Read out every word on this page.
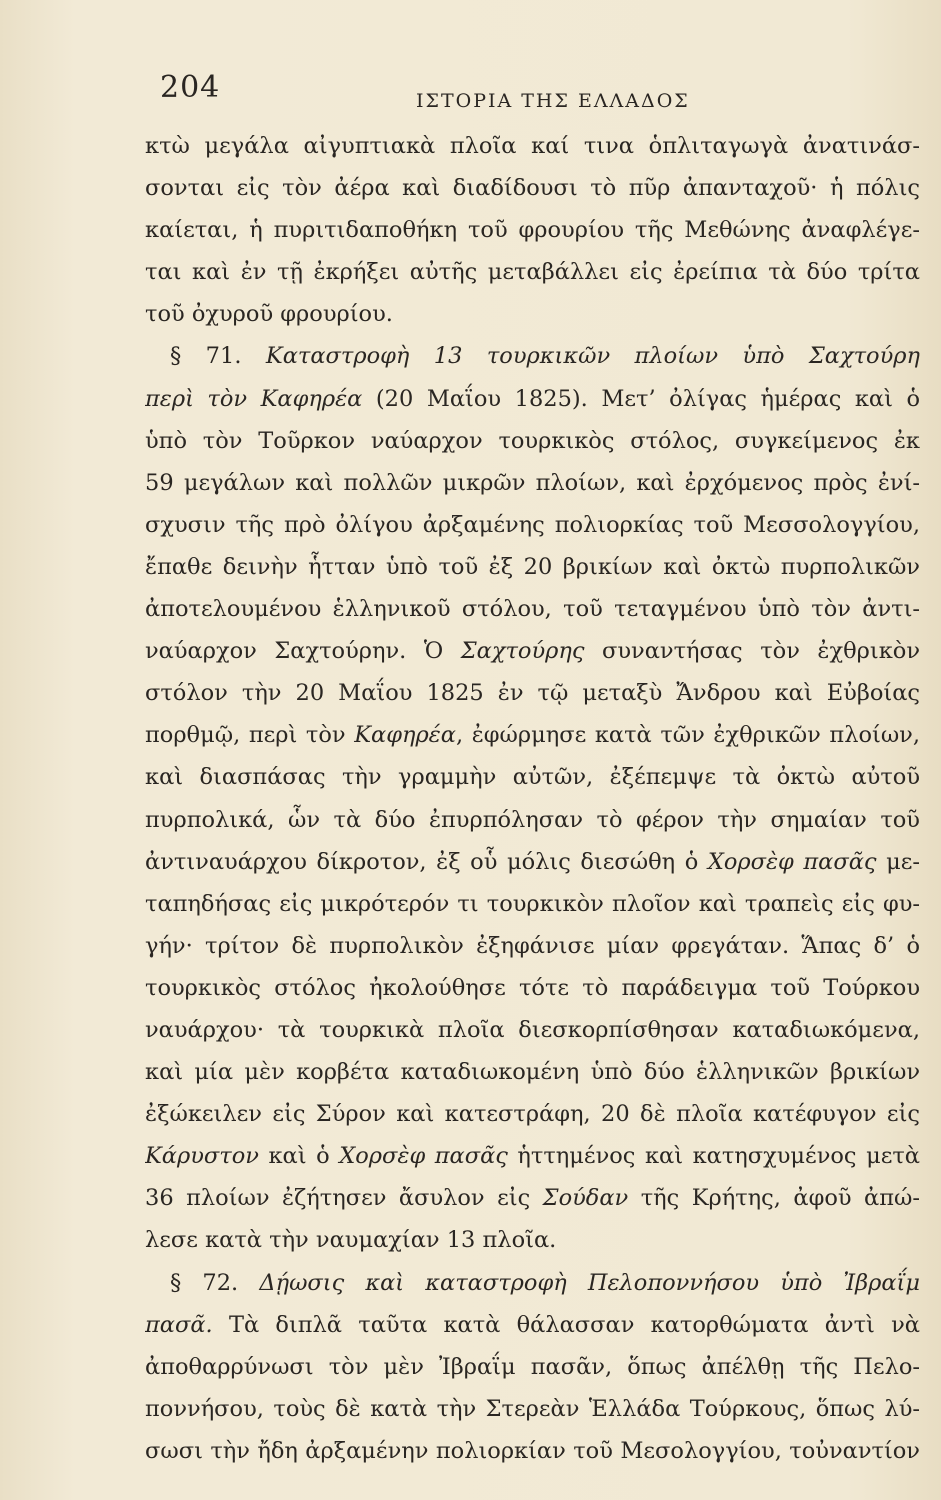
204	ΙΣΤΟΡΙΑ ΤΗΣ ΕΛΛΑΔΟΣ
κτὼ μεγάλα αἰγυπτιακὰ πλοῖα καί τινα ὁπλιταγωγὰ ἀνατινάσ-
σονται εἰς τὸν ἀέρα καὶ διαδίδουσι τὸ πῦρ ἀπανταχοῦ· ἡ πόλις
καίεται, ἡ πυριτιδαποθήκη τοῦ φρουρίου τῆς Μεθώνης ἀναφλέγε-
ται καὶ ἐν τῇ ἐκρήξει αὐτῆς μεταβάλλει εἰς ἐρείπια τὰ δύο τρίτα
τοῦ ὀχυροῦ φρουρίου.
§ 71. Καταστροφὴ 13 τουρκικῶν πλοίων ὑπὸ Σαχτούρη
περὶ τὸν Καφηρέα (20 Μαΐου 1825). Μετ’ ὀλίγας ἡμέρας καὶ ὁ
ὑπὸ τὸν Τοῦρκον ναύαρχον τουρκικὸς στόλος, συγκείμενος ἐκ
59 μεγάλων καὶ πολλῶν μικρῶν πλοίων, καὶ ἐρχόμενος πρὸς ἐνί-
σχυσιν τῆς πρὸ ὀλίγου ἀρξαμένης πολιορκίας τοῦ Μεσσολογγίου,
ἔπαθε δεινὴν ἧτταν ὑπὸ τοῦ ἐξ 20 βρικίων καὶ ὀκτὼ πυρπολικῶν
ἀποτελουμένου ἑλληνικοῦ στόλου, τοῦ τεταγμένου ὑπὸ τὸν ἀντι-
ναύαρχον Σαχτούρην. Ὁ Σαχτούρης συναντήσας τὸν ἐχθρικὸν
στόλον τὴν 20 Μαΐου 1825 ἐν τῷ μεταξὺ Ἄνδρου καὶ Εὐβοίας
πορθμῷ, περὶ τὸν Καφηρέα, ἐφώρμησε κατὰ τῶν ἐχθρικῶν πλοίων,
καὶ διασπάσας τὴν γραμμὴν αὐτῶν, ἐξέπεμψε τὰ ὀκτὼ αὐτοῦ
πυρπολικά, ὧν τὰ δύο ἐπυρπόλησαν τὸ φέρον τὴν σημαίαν τοῦ
ἀντιναυάρχου δίκροτον, ἐξ οὗ μόλις διεσώθη ὁ Χορσὲφ πασᾶς με-
ταπηδήσας εἰς μικρότερόν τι τουρκικὸν πλοῖον καὶ τραπεὶς εἰς φυ-
γήν· τρίτον δὲ πυρπολικὸν ἐξηφάνισε μίαν φρεγάταν. Ἅπας δ’ ὁ
τουρκικὸς στόλος ἠκολούθησε τότε τὸ παράδειγμα τοῦ Τούρκου
ναυάρχου· τὰ τουρκικὰ πλοῖα διεσκορπίσθησαν καταδιωκόμενα,
καὶ μία μὲν κορβέτα καταδιωκομένη ὑπὸ δύο ἑλληνικῶν βρικίων
ἐξώκειλεν εἰς Σύρον καὶ κατεστράφη, 20 δὲ πλοῖα κατέφυγον εἰς
Κάρυστον καὶ ὁ Χορσὲφ πασᾶς ἡττημένος καὶ κατησχυμένος μετὰ
36 πλοίων ἐζήτησεν ἄσυλον εἰς Σούδαν τῆς Κρήτης, ἀφοῦ ἀπώ-
λεσε κατὰ τὴν ναυμαχίαν 13 πλοῖα.
§ 72. Δῄωσις καὶ καταστροφὴ Πελοποννήσου ὑπὸ Ἰβραΐμ
πασᾶ. Τὰ διπλᾶ ταῦτα κατὰ θάλασσαν κατορθώματα ἀντὶ νὰ
ἀποθαρρύνωσι τὸν μὲν Ἰβραΐμ πασᾶν, ὅπως ἀπέλθῃ τῆς Πελο-
ποννήσου, τοὺς δὲ κατὰ τὴν Στερεὰν Ἑλλάδα Τούρκους, ὅπως λύ-
σωσι τὴν ἤδη ἀρξαμένην πολιορκίαν τοῦ Μεσολογγίου, τοὐναντίον
